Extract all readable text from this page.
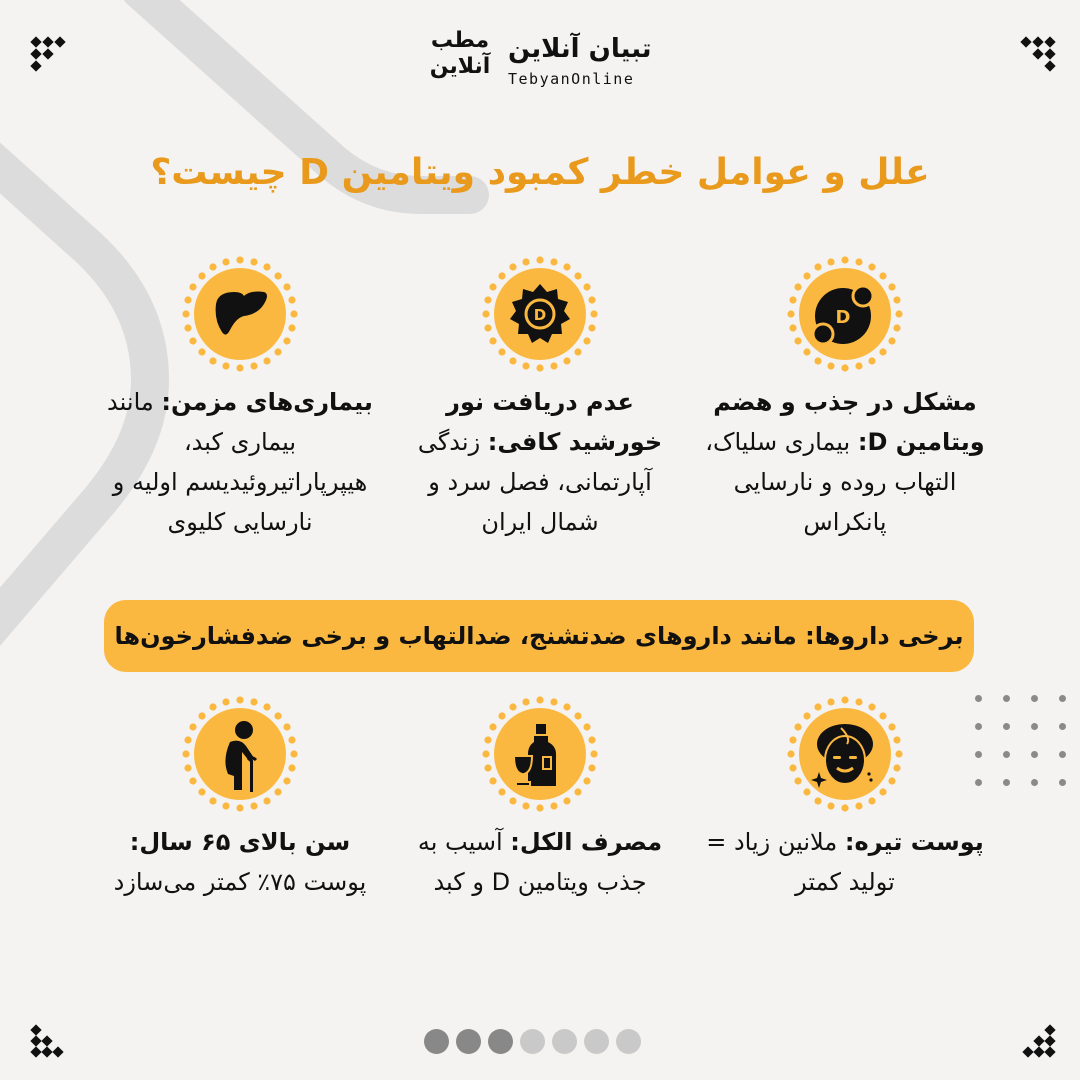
مطب
آنلاین
تبیان آنلاین
TebyanOnline
علل و عوامل خطر کمبود ویتامین D چیست؟
D
مشکل در جذب و هضم ویتامین D: بیماری سلیاک، التهاب روده و نارسایی پانکراس
D
عدم دریافت نور خورشید کافی: زندگی آپارتمانی، فصل سرد و شمال ایران
بیماری‌های مزمن: مانند بیماری کبد، هیپرپاراتیروئیدیسم اولیه و نارسایی کلیوی
برخی داروها: مانند داروهای ضدتشنج، ضدالتهاب و برخی ضدفشارخون‌ها
پوست تیره: ملانین زیاد = تولید کمتر
مصرف الکل: آسیب به جذب ویتامین D و کبد
سن بالای ۶۵ سال: پوست ۷۵٪ کمتر می‌سازد
